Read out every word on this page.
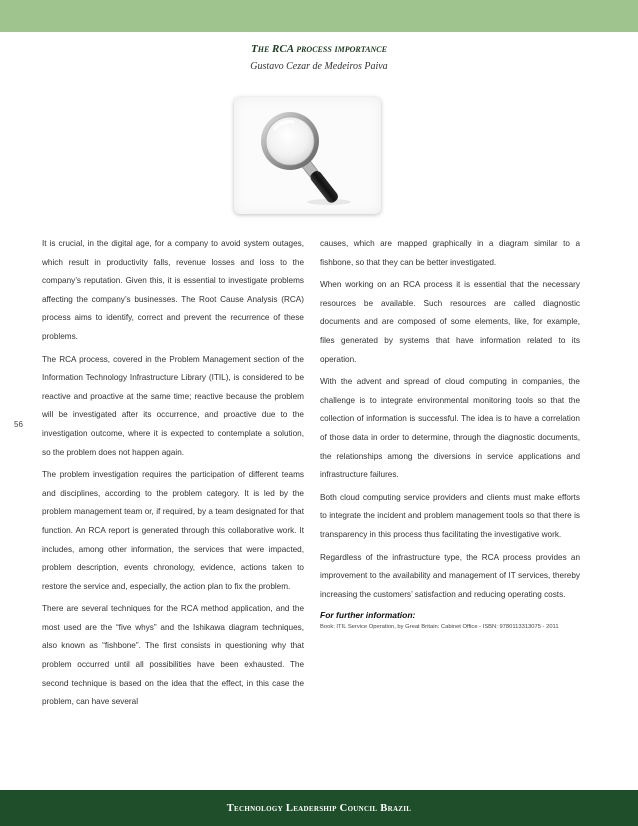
The RCA process importance
Gustavo Cezar de Medeiros Paiva
56

It is crucial, in the digital age, for a company to avoid system outages, which result in productivity falls, revenue losses and loss to the company’s reputation. Given this, it is essential to investigate problems affecting the company’s businesses. The Root Cause Analysis (RCA) process aims to identify, correct and prevent the recurrence of these problems.

The RCA process, covered in the Problem Management section of the Information Technology Infrastructure Library (ITIL), is considered to be reactive and proactive at the same time; reactive because the problem will be investigated after its occurrence, and proactive due to the investigation outcome, where it is expected to contemplate a solution, so the problem does not happen again.

The problem investigation requires the participation of different teams and disciplines, according to the problem category. It is led by the problem management team or, if required, by a team designated for that function. An RCA report is generated through this collaborative work. It includes, among other information, the services that were impacted, problem description, events chronology, evidence, actions taken to restore the service and, especially, the action plan to fix the problem.

There are several techniques for the RCA method application, and the most used are the “five whys” and the Ishikawa diagram techniques, also known as “fishbone”. The first consists in questioning why that problem occurred until all possibilities have been exhausted. The second technique is based on the idea that the effect, in this case the problem, can have several

causes, which are mapped graphically in a diagram similar to a fishbone, so that they can be better investigated.

When working on an RCA process it is essential that the necessary resources be available. Such resources are called diagnostic documents and are composed of some elements, like, for example, files generated by systems that have information related to its operation.

With the advent and spread of cloud computing in companies, the challenge is to integrate environmental monitoring tools so that the collection of information is successful. The idea is to have a correlation of those data in order to determine, through the diagnostic documents, the relationships among the diversions in service applications and infrastructure failures.

Both cloud computing service providers and clients must make efforts to integrate the incident and problem management tools so that there is transparency in this process thus facilitating the investigative work.

Regardless of the infrastructure type, the RCA process provides an improvement to the availability and management of IT services, thereby increasing the customers’ satisfaction and reducing operating costs.

For further information:
Book: ITIL Service Operation, by Great Britain: Cabinet Office - ISBN: 9780113313075 - 2011
Technology Leadership Council Brazil
